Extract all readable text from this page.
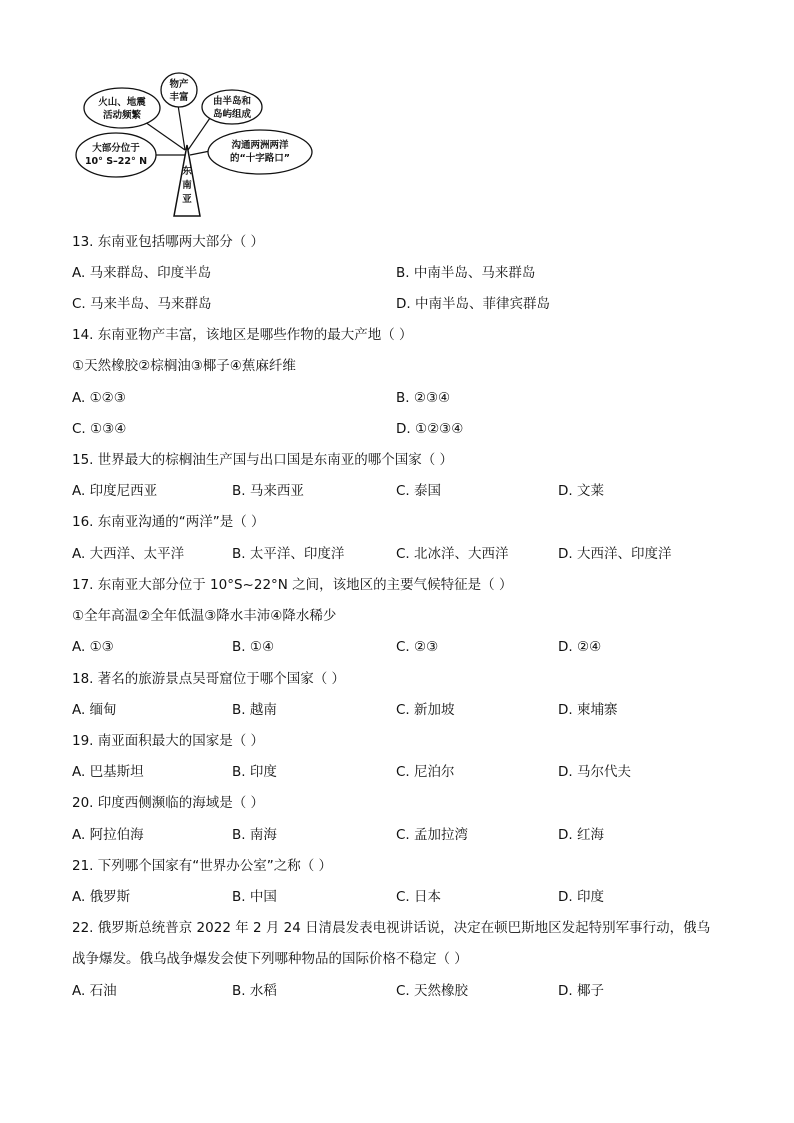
东
南
亚
火山、地震
活动频繁
物产
丰富	由半岛和
岛屿组成
大部分位于
10° S–22° N
沟通两洲两洋
的“十字路口”
13. 东南亚包括哪两大部分（ ）
A. 马来群岛、印度半岛	B. 中南半岛、马来群岛
C. 马来半岛、马来群岛	D. 中南半岛、菲律宾群岛
14. 东南亚物产丰富，该地区是哪些作物的最大产地（ ）
①天然橡胶②棕榈油③椰子④蕉麻纤维
A. ①②③	B. ②③④
C. ①③④	D. ①②③④
15. 世界最大的棕榈油生产国与出口国是东南亚的哪个国家（ ）
A. 印度尼西亚	B. 马来西亚	C. 泰国	D. 文莱
16. 东南亚沟通的“两洋”是（ ）
A. 大西洋、太平洋	B. 太平洋、印度洋	C. 北冰洋、大西洋	D. 大西洋、印度洋
17. 东南亚大部分位于 10°S~22°N 之间，该地区的主要气候特征是（ ）
①全年高温②全年低温③降水丰沛④降水稀少
A. ①③	B. ①④	C. ②③	D. ②④
18. 著名的旅游景点吴哥窟位于哪个国家（ ）
A. 缅甸	B. 越南	C. 新加坡	D. 柬埔寨
19. 南亚面积最大的国家是（ ）
A. 巴基斯坦	B. 印度	C. 尼泊尔	D. 马尔代夫
20. 印度西侧濒临的海域是（ ）
A. 阿拉伯海	B. 南海	C. 孟加拉湾	D. 红海
21. 下列哪个国家有“世界办公室”之称（ ）
A. 俄罗斯	B. 中国	C. 日本	D. 印度
22. 俄罗斯总统普京 2022 年 2 月 24 日清晨发表电视讲话说，决定在顿巴斯地区发起特别军事行动，俄乌战争爆发。俄乌战争爆发会使下列哪种物品的国际价格不稳定（ ）
A. 石油	B. 水稻	C. 天然橡胶	D. 椰子
